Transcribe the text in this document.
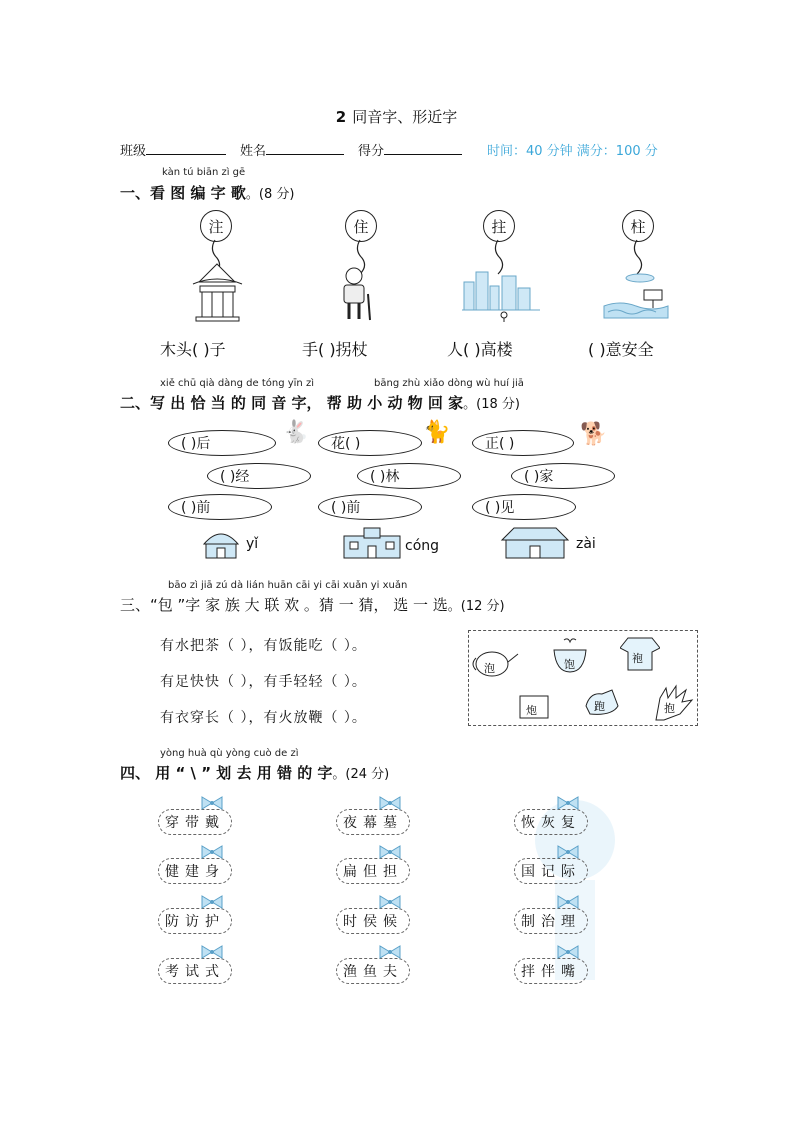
2 同音字、形近字
班级	姓名	得分	时间：40 分钟 满分：100 分
kàn tú biān zì gē
一、看 图 编 字 歌。(8 分)
注	住	拄	柱
木头( )子	手( )拐杖	人( )高楼	( )意安全
xiě chū qià dàng de tóng yīn zì	bāng zhù xiǎo dòng wù huí jiā
二、写 出 恰 当 的 同 音 字， 帮 助 小 动 物 回 家。(18 分)
( )后	花( )	正( )
🐇	🐈	🐕
( )经	( )林	( )家
( )前	( )前	( )见
yǐ	cóng	zài
bāo zì jiā zú dà lián huān cāi yi cāi xuǎn yi xuǎn
三、“包 ”字 家 族 大 联 欢 。猜 一 猜， 选 一 选。(12 分)
有水把茶（ ），有饭能吃（ ）。
有足快快（ ），有手轻轻（ ）。
有衣穿长（ ），有火放鞭（ ）。
泡	饱	袍
炮	跑	抱
yòng huà qù yòng cuò de zì
四、 用 “ \ ” 划 去 用 错 的 字。(24 分)
穿 带 戴	夜 幕 墓	恢 灰 复
健 建 身	扁 但 担	国 记 际
防 访 护	时 侯 候	制 治 理
考 试 式	渔 鱼 夫	拌 伴 嘴
